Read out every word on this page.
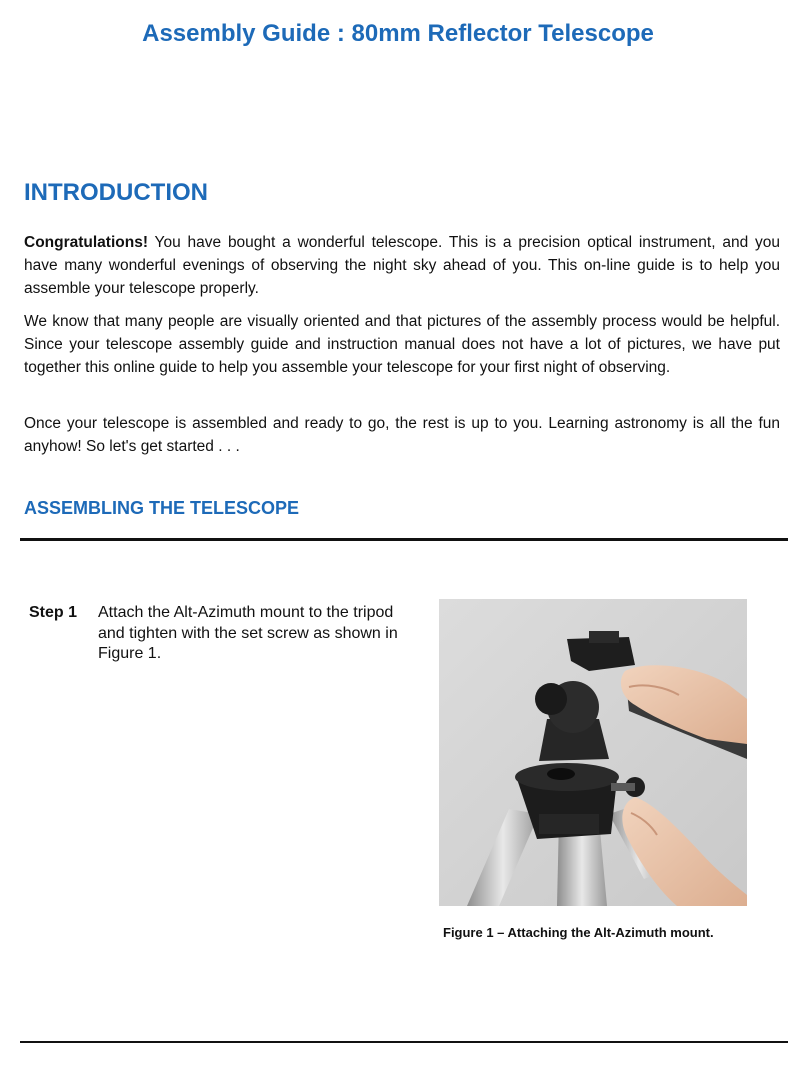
Assembly Guide : 80mm Reflector Telescope
INTRODUCTION
Congratulations! You have bought a wonderful telescope. This is a precision optical instrument, and you have many wonderful evenings of observing the night sky ahead of you. This on-line guide is to help you assemble your telescope properly.
We know that many people are visually oriented and that pictures of the assembly process would be helpful. Since your telescope assembly guide and instruction manual does not have a lot of pictures, we have put together this online guide to help you assemble your telescope for your first night of observing.
Once your telescope is assembled and ready to go, the rest is up to you. Learning astronomy is all the fun anyhow! So let's get started . . .
ASSEMBLING THE TELESCOPE
Step 1 Attach the Alt-Azimuth mount to the tripod and tighten with the set screw as shown in Figure 1.
Figure 1 – Attaching the Alt-Azimuth mount.
